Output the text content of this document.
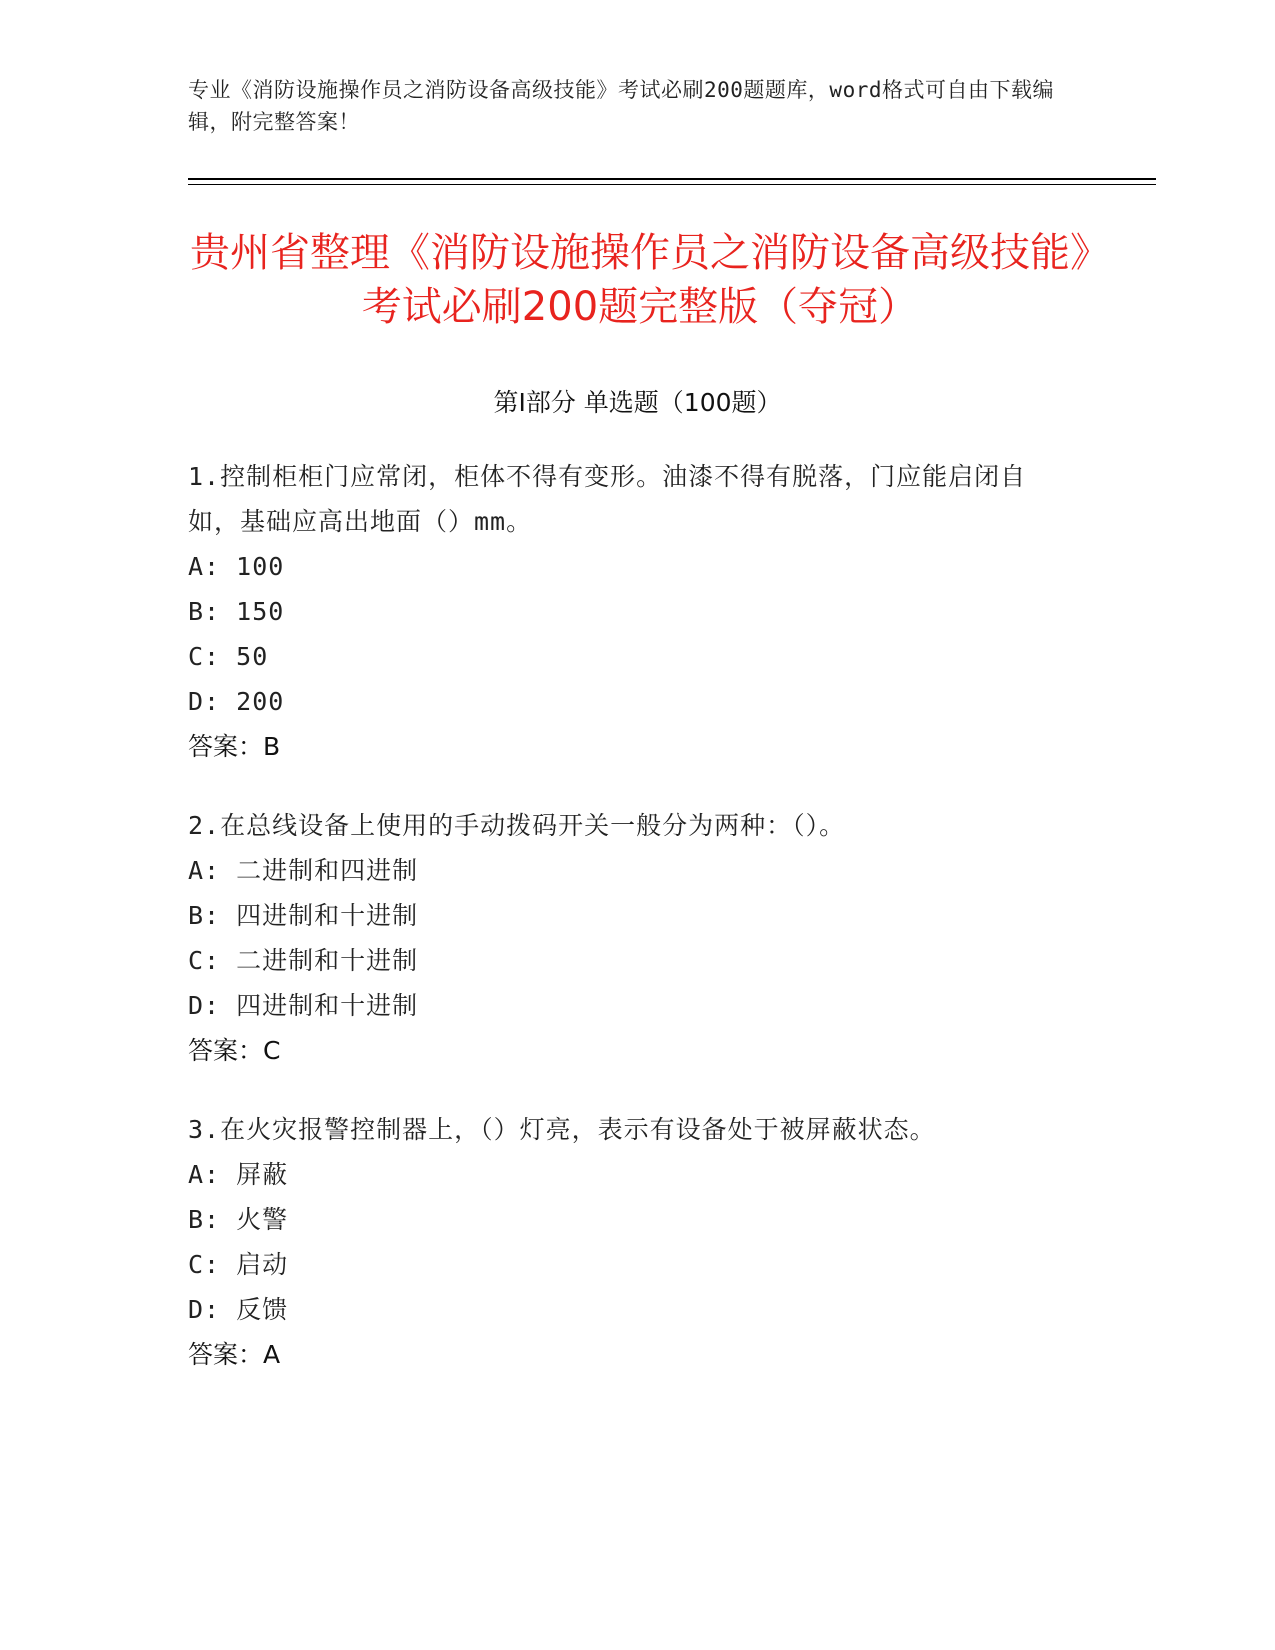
专业《消防设施操作员之消防设备高级技能》考试必刷200题题库，word格式可自由下载编辑，附完整答案！
贵州省整理《消防设施操作员之消防设备高级技能》考试必刷200题完整版（夺冠）
第Ⅰ部分 单选题（100题）
1.控制柜柜门应常闭，柜体不得有变形。油漆不得有脱落，门应能启闭自如，基础应高出地面（）mm。
A: 100
B: 150
C: 50
D: 200
答案：B
2.在总线设备上使用的手动拨码开关一般分为两种：（）。
A: 二进制和四进制
B: 四进制和十进制
C: 二进制和十进制
D: 四进制和十进制
答案：C
3.在火灾报警控制器上，（）灯亮，表示有设备处于被屏蔽状态。
A: 屏蔽
B: 火警
C: 启动
D: 反馈
答案：A
